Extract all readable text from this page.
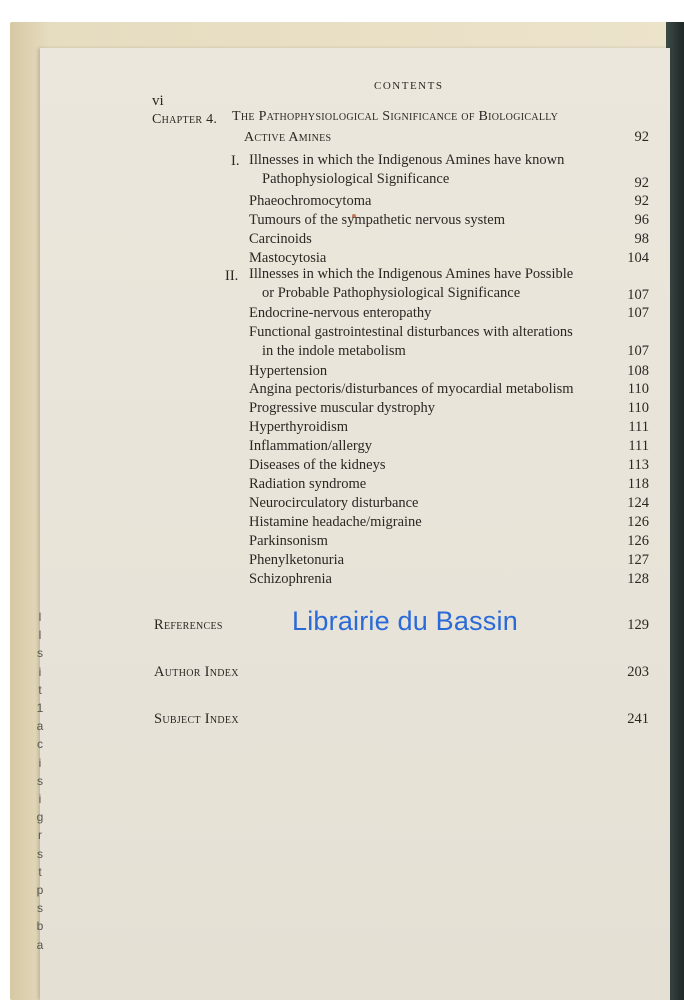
l
l
s
i
t
1
a
c
i
s
i
g
r
s
t
p
s
b
a
CONTENTS
vi
Chapter 4. The Pathophysiological Significance of Biologically
Active Amines	92
I. Illnesses in which the Indigenous Amines have known
Pathophysiological Significance	92
Phaeochromocytoma	92
Tumours of the sympathetic nervous system	96
Carcinoids	98
Mastocytosia	104
II. Illnesses in which the Indigenous Amines have Possible
or Probable Pathophysiological Significance	107
Endocrine-nervous enteropathy	107
Functional gastrointestinal disturbances with alterations
in the indole metabolism	107
Hypertension	108
Angina pectoris/disturbances of myocardial metabolism	110
Progressive muscular dystrophy	110
Hyperthyroidism	111
Inflammation/allergy	111
Diseases of the kidneys	113
Radiation syndrome	118
Neurocirculatory disturbance	124
Histamine headache/migraine	126
Parkinsonism	126
Phenylketonuria	127
Schizophrenia	128
References	129
Author Index	203
Subject Index	241
Librairie du Bassin
